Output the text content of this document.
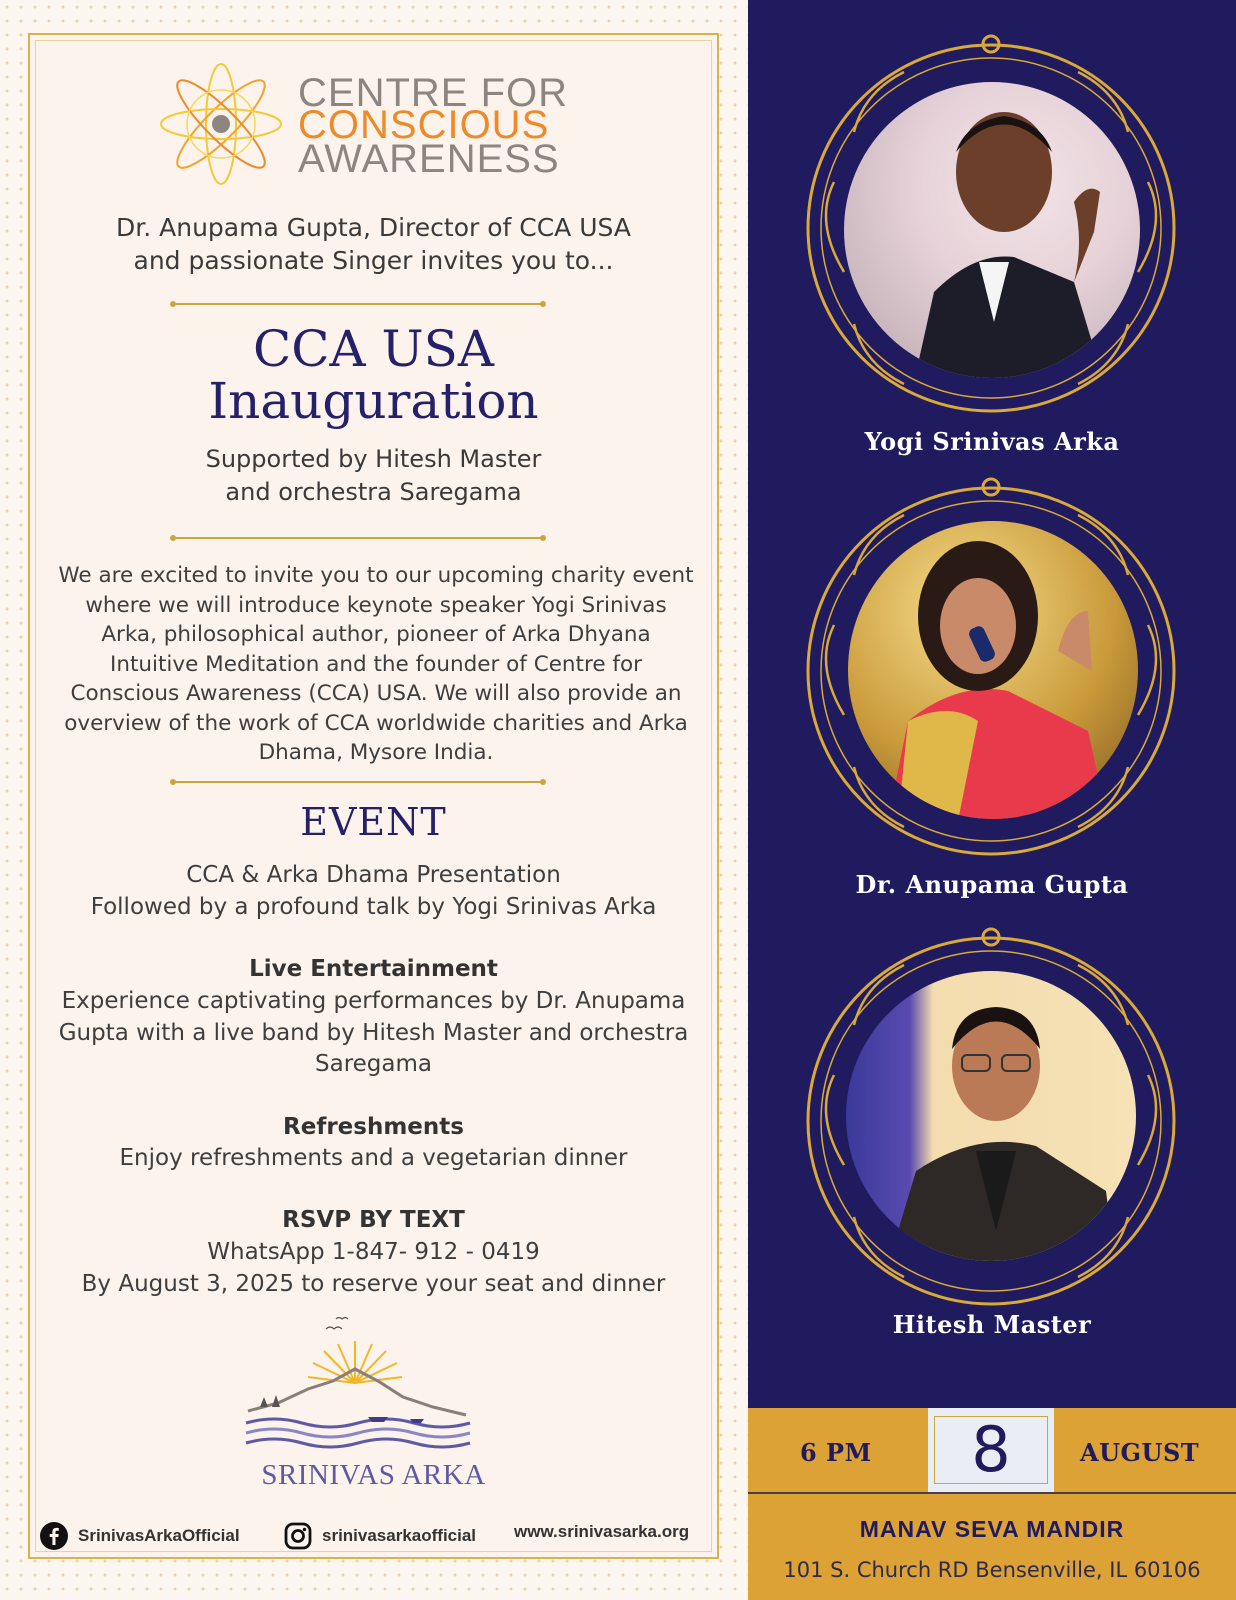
CENTRE FOR
CONSCIOUS
AWARENESS
Dr. Anupama Gupta, Director of CCA USA
and passionate Singer invites you to...
CCA USA
Inauguration
Supported by Hitesh Master
and orchestra Saregama
We are excited to invite you to our upcoming charity event where we will introduce keynote speaker Yogi Srinivas Arka, philosophical author, pioneer of Arka Dhyana Intuitive Meditation and the founder of Centre for Conscious Awareness (CCA) USA. We will also provide an overview of the work of CCA worldwide charities and Arka Dhama, Mysore India.
EVENT
CCA & Arka Dhama Presentation
Followed by a profound talk by Yogi Srinivas Arka
Live Entertainment
Experience captivating performances by Dr. Anupama
Gupta with a live band by Hitesh Master and orchestra
Saregama
Refreshments
Enjoy refreshments and a vegetarian dinner
RSVP BY TEXT
WhatsApp 1-847- 912 - 0419
By August 3, 2025 to reserve your seat and dinner
SRINIVAS ARKA
SrinivasArkaOfficial	srinivasarkaofficial www.srinivasarka.org
Yogi Srinivas Arka
Dr. Anupama Gupta
Hitesh Master
6 PM	8	AUGUST
MANAV SEVA MANDIR
101 S. Church RD Bensenville, IL 60106
